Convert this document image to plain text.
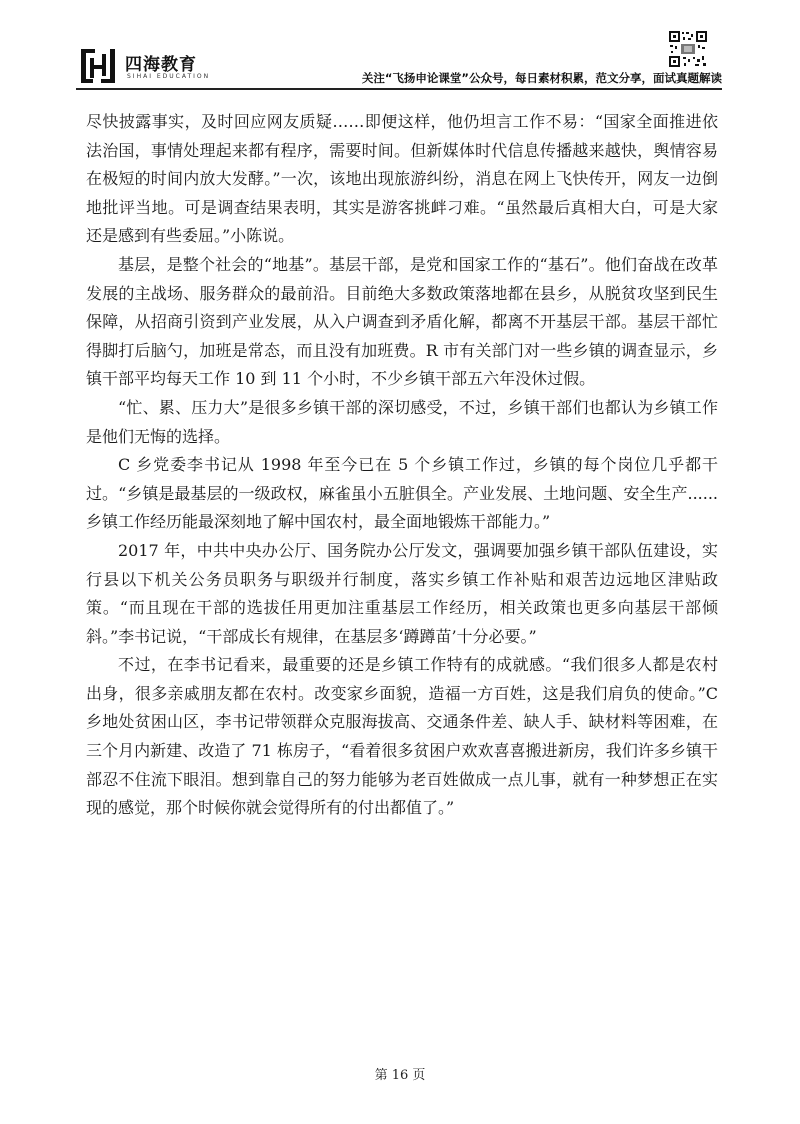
四海教育
SIHAI EDUCATION	关注“飞扬申论课堂”公众号，每日素材积累，范文分享，面试真题解读

尽快披露事实，及时回应网友质疑……即便这样，他仍坦言工作不易：“国家全面推进依法治国，事情处理起来都有程序，需要时间。但新媒体时代信息传播越来越快，舆情容易在极短的时间内放大发酵。”一次，该地出现旅游纠纷，消息在网上飞快传开，网友一边倒地批评当地。可是调查结果表明，其实是游客挑衅刁难。“虽然最后真相大白，可是大家还是感到有些委屈。”小陈说。

基层，是整个社会的“地基”。基层干部，是党和国家工作的“基石”。他们奋战在改革发展的主战场、服务群众的最前沿。目前绝大多数政策落地都在县乡，从脱贫攻坚到民生保障，从招商引资到产业发展，从入户调查到矛盾化解，都离不开基层干部。基层干部忙得脚打后脑勺，加班是常态，而且没有加班费。R 市有关部门对一些乡镇的调查显示，乡镇干部平均每天工作 10 到 11 个小时，不少乡镇干部五六年没休过假。

“忙、累、压力大”是很多乡镇干部的深切感受，不过，乡镇干部们也都认为乡镇工作是他们无悔的选择。

C 乡党委李书记从 1998 年至今已在 5 个乡镇工作过，乡镇的每个岗位几乎都干过。“乡镇是最基层的一级政权，麻雀虽小五脏俱全。产业发展、土地问题、安全生产......乡镇工作经历能最深刻地了解中国农村，最全面地锻炼干部能力。”

2017 年，中共中央办公厅、国务院办公厅发文，强调要加强乡镇干部队伍建设，实行县以下机关公务员职务与职级并行制度，落实乡镇工作补贴和艰苦边远地区津贴政策。“而且现在干部的选拔任用更加注重基层工作经历，相关政策也更多向基层干部倾斜。”李书记说，“干部成长有规律，在基层多‘蹲蹲苗’十分必要。”

不过，在李书记看来，最重要的还是乡镇工作特有的成就感。“我们很多人都是农村出身，很多亲戚朋友都在农村。改变家乡面貌，造福一方百姓，这是我们肩负的使命。”C 乡地处贫困山区，李书记带领群众克服海拔高、交通条件差、缺人手、缺材料等困难，在三个月内新建、改造了 71 栋房子，“看着很多贫困户欢欢喜喜搬进新房，我们许多乡镇干部忍不住流下眼泪。想到靠自己的努力能够为老百姓做成一点儿事，就有一种梦想正在实现的感觉，那个时候你就会觉得所有的付出都值了。”

第 16 页
